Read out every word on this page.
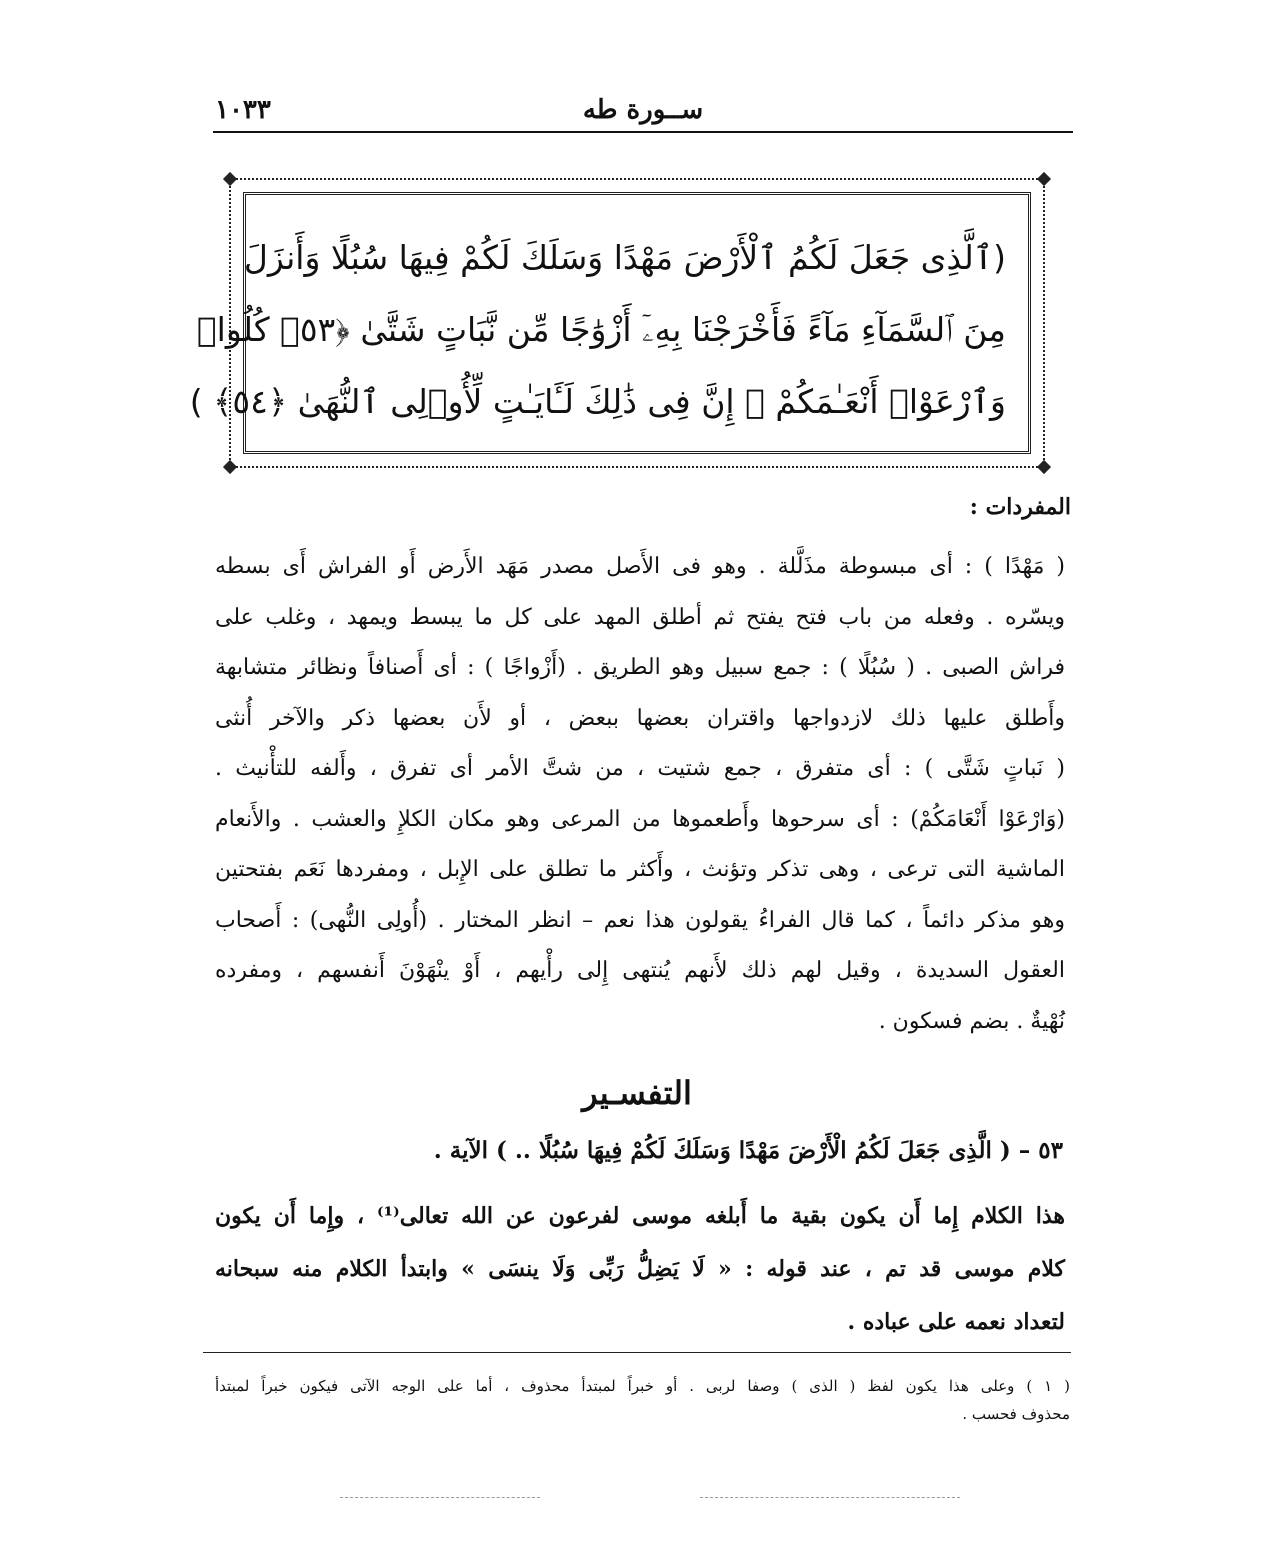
ســورة طه
١٠٣٣
(ٱلَّذِى جَعَلَ لَكُمُ ٱلْأَرْضَ مَهْدًا وَسَلَكَ لَكُمْ فِيهَا سُبُلًا وَأَنزَلَ
مِنَ ٱلسَّمَآءِ مَآءً فَأَخْرَجْنَا بِهِۦٓ أَزْوَٰجًا مِّن نَّبَاتٍ شَتَّىٰ ﴿٥٣﴾ كُلُوا۟
وَٱرْعَوْا۟ أَنْعَـٰمَكُمْ ۗ إِنَّ فِى ذَٰلِكَ لَـَٔايَـٰتٍ لِّأُو۟لِى ٱلنُّهَىٰ ﴿٥٤﴾ )
المفردات :
( مَهْدًا ) : أى مبسوطة مذَلَّلة . وهو فى الأَصل مصدر مَهَد الأَرض أَو الفراش أَى بسطه
ويسّره . وفعله من باب فتح يفتح ثم أطلق المهد على كل ما يبسط ويمهد ، وغلب على
فراش الصبى . ( سُبُلًا ) : جمع سبيل وهو الطريق . (أَزْواجًا ) : أى أَصنافاً ونظائر متشابهة
وأَطلق عليها ذلك لازدواجها واقتران بعضها ببعض ، أو لأَن بعضها ذكر والآخر أُنثى
( نَباتٍ شَتَّى ) : أى متفرق ، جمع شتيت ، من شتَّ الأمر أى تفرق ، وأَلفه للتأْنيث .
(وَارْعَوْا أَنْعَامَكُمْ) : أى سرحوها وأَطعموها من المرعى وهو مكان الكلإِ والعشب . والأَنعام
الماشية التى ترعى ، وهى تذكر وتؤنث ، وأَكثر ما تطلق على الإِبل ، ومفردها نَعَم بفتحتين
وهو مذكر دائماً ، كما قال الفراءُ يقولون هذا نعم – انظر المختار . (أُولِى النُّهى) : أَصحاب
العقول السديدة ، وقيل لهم ذلك لأَنهم يُنتهى إِلى رأْيهم ، أَوْ ينْهَوْنَ أَنفسهم ، ومفرده
نُهْيةٌ . بضم فسكون .
التفسـير
٥٣ – ( الَّذِى جَعَلَ لَكُمُ الْأَرْضَ مَهْدًا وَسَلَكَ لَكُمْ فِيهَا سُبُلًا .. ) الآية .
هذا الكلام إِما أَن يكون بقية ما أَبلغه موسى لفرعون عن الله تعالى⁽¹⁾ ، وإِما أَن يكون
كلام موسى قد تم ، عند قوله : « لَا يَضِلُّ رَبِّى وَلَا ينسَى » وابتدأ الكلام منه سبحانه
لتعداد نعمه على عباده .
( ١ ) وعلى هذا يكون لفظ ( الذى ) وصفا لربى . أو خبراً لمبتدأ محذوف ، أما على الوجه الآتى فيكون خبراً لمبتدأ
محذوف فحسب .
